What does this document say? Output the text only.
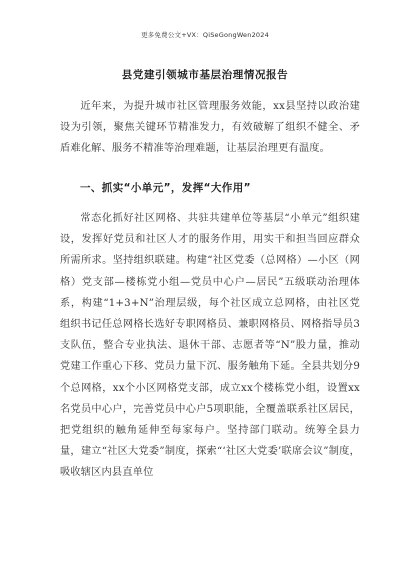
更多免费公文+VX：QiSeGongWen2024
县党建引领城市基层治理情况报告

近年来，为提升城市社区管理服务效能，xx县坚持以政治建设为引领，聚焦关键环节精准发力，有效破解了组织不健全、矛盾难化解、服务不精准等治理难题，让基层治理更有温度。

一、抓实“小单元”，发挥“大作用”

常态化抓好社区网格、共驻共建单位等基层“小单元”组织建设，发挥好党员和社区人才的服务作用，用实干和担当回应群众所需所求。坚持组织联建。构建“社区党委（总网格）—小区（网格）党支部—楼栋党小组—党员中心户—居民”五级联动治理体系，构建“1+3+N”治理层级，每个社区成立总网格，由社区党组织书记任总网格长选好专职网格员、兼职网格员、网格指导员3支队伍，整合专业执法、退休干部、志愿者等“N”股力量，推动党建工作重心下移、党员力量下沉、服务触角下延。全县共划分9个总网格，xx个小区网格党支部，成立xx个楼栋党小组，设置xx名党员中心户，完善党员中心户5项职能，全覆盖联系社区居民，把党组织的触角延伸至每家每户。坚持部门联动。统筹全县力量，建立“社区大党委”制度，探索“‘社区大党委’联席会议”制度，吸收辖区内县直单位
